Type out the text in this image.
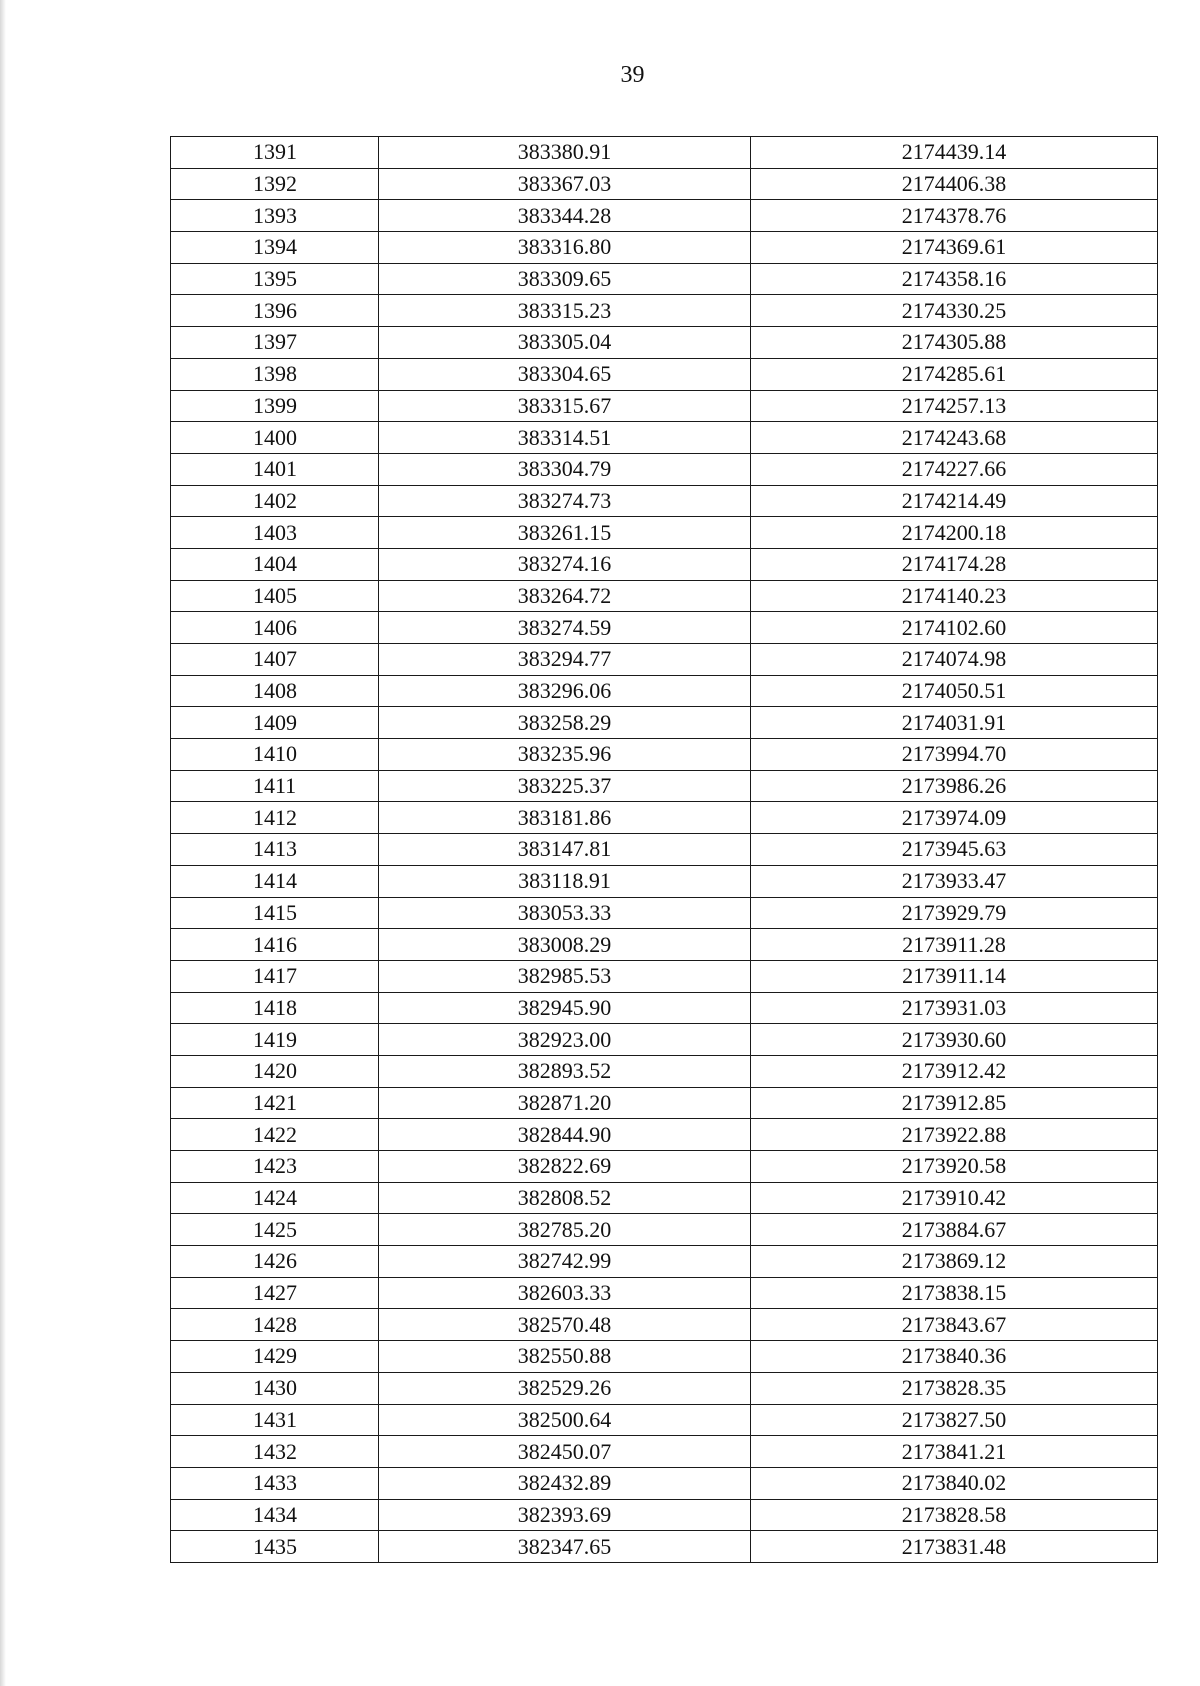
39
1391	383380.91	2174439.14
1392	383367.03	2174406.38
1393	383344.28	2174378.76
1394	383316.80	2174369.61
1395	383309.65	2174358.16
1396	383315.23	2174330.25
1397	383305.04	2174305.88
1398	383304.65	2174285.61
1399	383315.67	2174257.13
1400	383314.51	2174243.68
1401	383304.79	2174227.66
1402	383274.73	2174214.49
1403	383261.15	2174200.18
1404	383274.16	2174174.28
1405	383264.72	2174140.23
1406	383274.59	2174102.60
1407	383294.77	2174074.98
1408	383296.06	2174050.51
1409	383258.29	2174031.91
1410	383235.96	2173994.70
1411	383225.37	2173986.26
1412	383181.86	2173974.09
1413	383147.81	2173945.63
1414	383118.91	2173933.47
1415	383053.33	2173929.79
1416	383008.29	2173911.28
1417	382985.53	2173911.14
1418	382945.90	2173931.03
1419	382923.00	2173930.60
1420	382893.52	2173912.42
1421	382871.20	2173912.85
1422	382844.90	2173922.88
1423	382822.69	2173920.58
1424	382808.52	2173910.42
1425	382785.20	2173884.67
1426	382742.99	2173869.12
1427	382603.33	2173838.15
1428	382570.48	2173843.67
1429	382550.88	2173840.36
1430	382529.26	2173828.35
1431	382500.64	2173827.50
1432	382450.07	2173841.21
1433	382432.89	2173840.02
1434	382393.69	2173828.58
1435	382347.65	2173831.48
